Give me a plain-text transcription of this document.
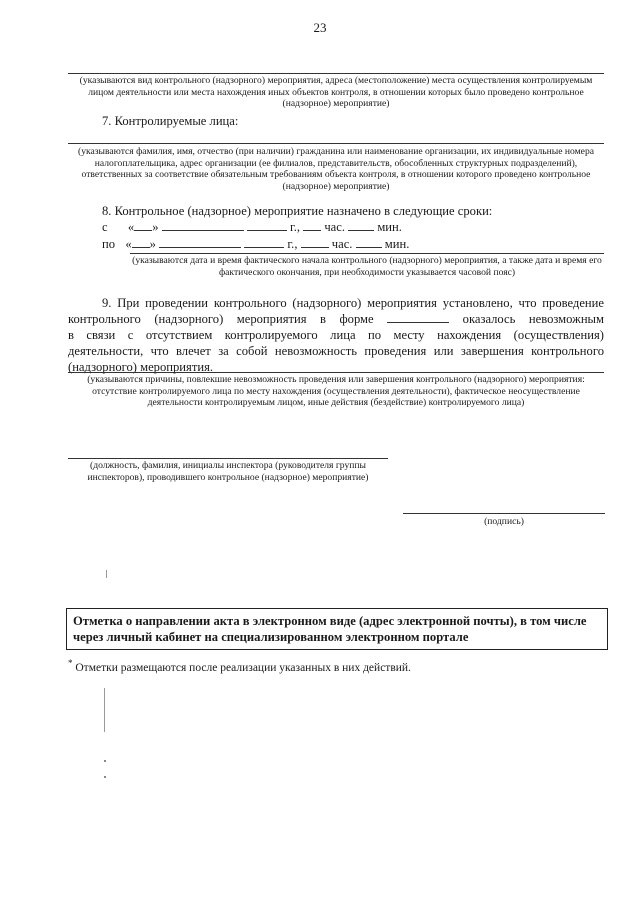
23
(указываются вид контрольного (надзорного) мероприятия, адреса (местоположение) места осуществления контролируемым лицом деятельности или места нахождения иных объектов контроля, в отношении которых было проведено контрольное (надзорное) мероприятие)
7. Контролируемые лица:
(указываются фамилия, имя, отчество (при наличии) гражданина или наименование организации, их индивидуальные номера налогоплательщика, адрес организации (ее филиалов, представительств, обособленных структурных подразделений), ответственных за соответствие обязательным требованиям объекта контроля, в отношении которого проведено контрольное (надзорное) мероприятие)
8. Контрольное (надзорное) мероприятие назначено в следующие сроки:
с « »	г., час.	мин.
по « »	г.,	час.	мин.
(указываются дата и время фактического начала контрольного (надзорного) мероприятия, а также дата и время его фактического окончания, при необходимости указывается часовой пояс)
9. При проведении контрольного (надзорного) мероприятия установлено, что проведение
контрольного (надзорного) мероприятия в форме	оказалось невозможным
в связи с отсутствием контролируемого лица по месту нахождения (осуществления)
деятельности, что влечет за собой невозможность проведения или завершения контрольного
(надзорного) мероприятия.
(указываются причины, повлекшие невозможность проведения или завершения контрольного (надзорного) мероприятия: отсутствие контролируемого лица по месту нахождения (осуществления деятельности), фактическое неосуществление деятельности контролируемым лицом, иные действия (бездействие) контролируемого лица)
(должность, фамилия, инициалы инспектора (руководителя группы инспекторов), проводившего контрольное (надзорное) мероприятие)
(подпись)
Отметка о направлении акта в электронном виде (адрес электронной почты), в том числе через личный кабинет на специализированном электронном портале
* Отметки размещаются после реализации указанных в них действий.
